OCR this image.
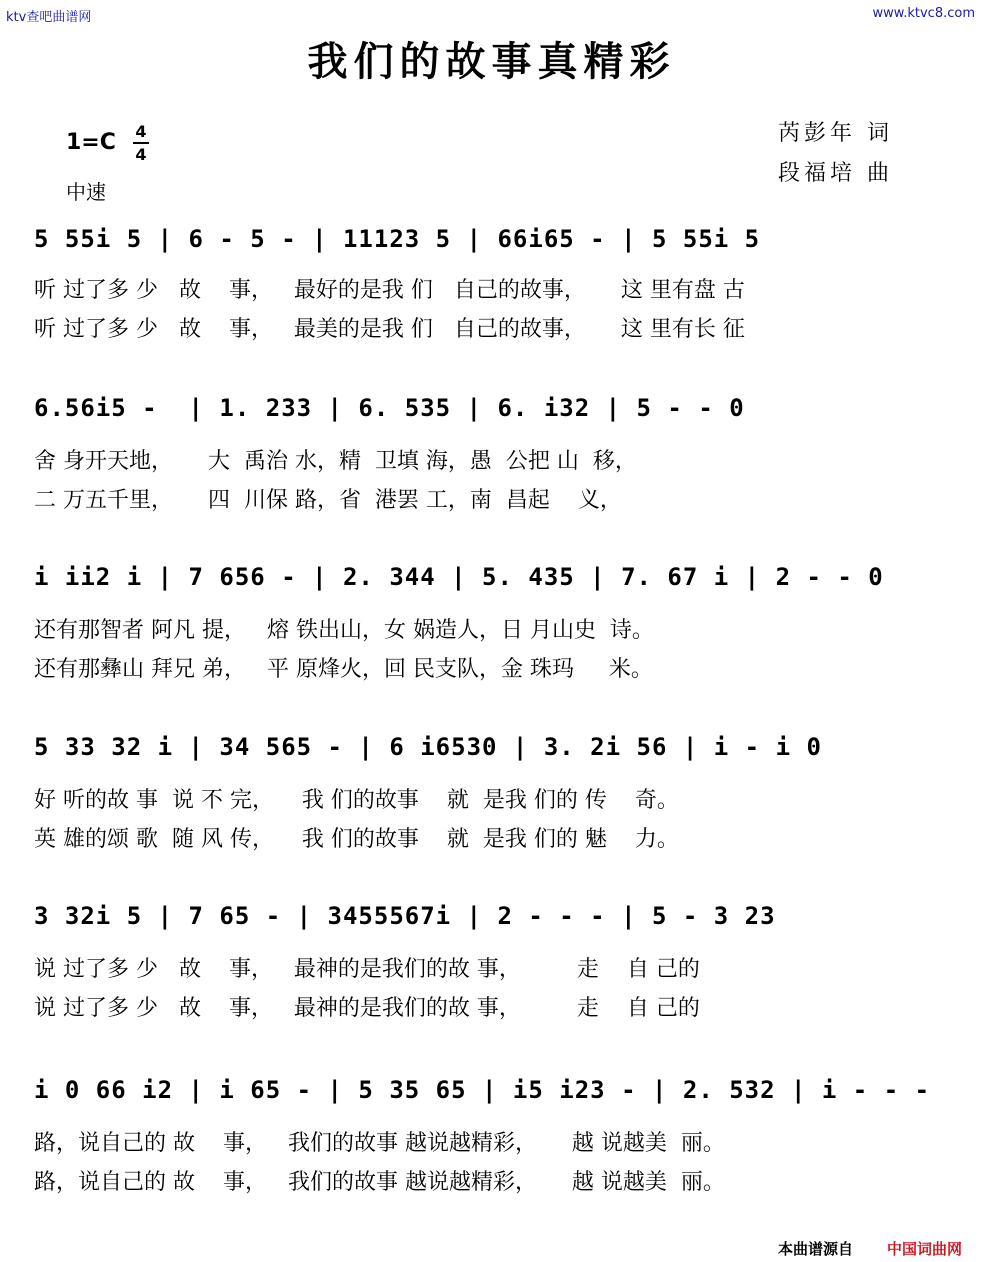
ktv查吧曲谱网	www.ktvc8.com
我们的故事真精彩
1=C 4
4
中速
芮彭年 词
段福培 曲
5 55i 5 | 6 - 5 - | 11123 5 | 66i65 - | 5 55i 5
听 过了多 少   故    事，   最好的是我 们   自己的故事，     这 里有盘 古
听 过了多 少   故    事，   最美的是我 们   自己的故事，     这 里有长 征
6.56i5 -  | 1. 233 | 6. 535 | 6. i32 | 5 - - 0
舍 身开天地，     大  禹治 水，精  卫填 海，愚  公把 山  移，
二 万五千里，     四  川保 路，省  港罢 工，南  昌起    义，
i ii2 i | 7 656 - | 2. 344 | 5. 435 | 7. 67 i | 2 - - 0
还有那智者 阿凡 提，   熔 铁出山，女 娲造人，日 月山史  诗。
还有那彝山 拜兄 弟，   平 原烽火，回 民支队，金 珠玛     米。
5 33 32 i | 34 565 - | 6 i6530 | 3. 2i 56 | i - i 0
好 听的故 事  说 不 完，    我 们的故事    就  是我 们的 传    奇。
英 雄的颂 歌  随 风 传，    我 们的故事    就  是我 们的 魅    力。
3 32i 5 | 7 65 - | 3455567i | 2 - - - | 5 - 3 23
说 过了多 少   故    事，   最神的是我们的故 事，        走    自 己的
说 过了多 少   故    事，   最神的是我们的故 事，        走    自 己的
i 0 66 i2 | i 65 - | 5 35 65 | i5 i23 - | 2. 532 | i - - -
路，说自己的 故    事，   我们的故事 越说越精彩，     越 说越美  丽。
路，说自己的 故    事，   我们的故事 越说越精彩，     越 说越美  丽。
本曲谱源自 中国词曲网
